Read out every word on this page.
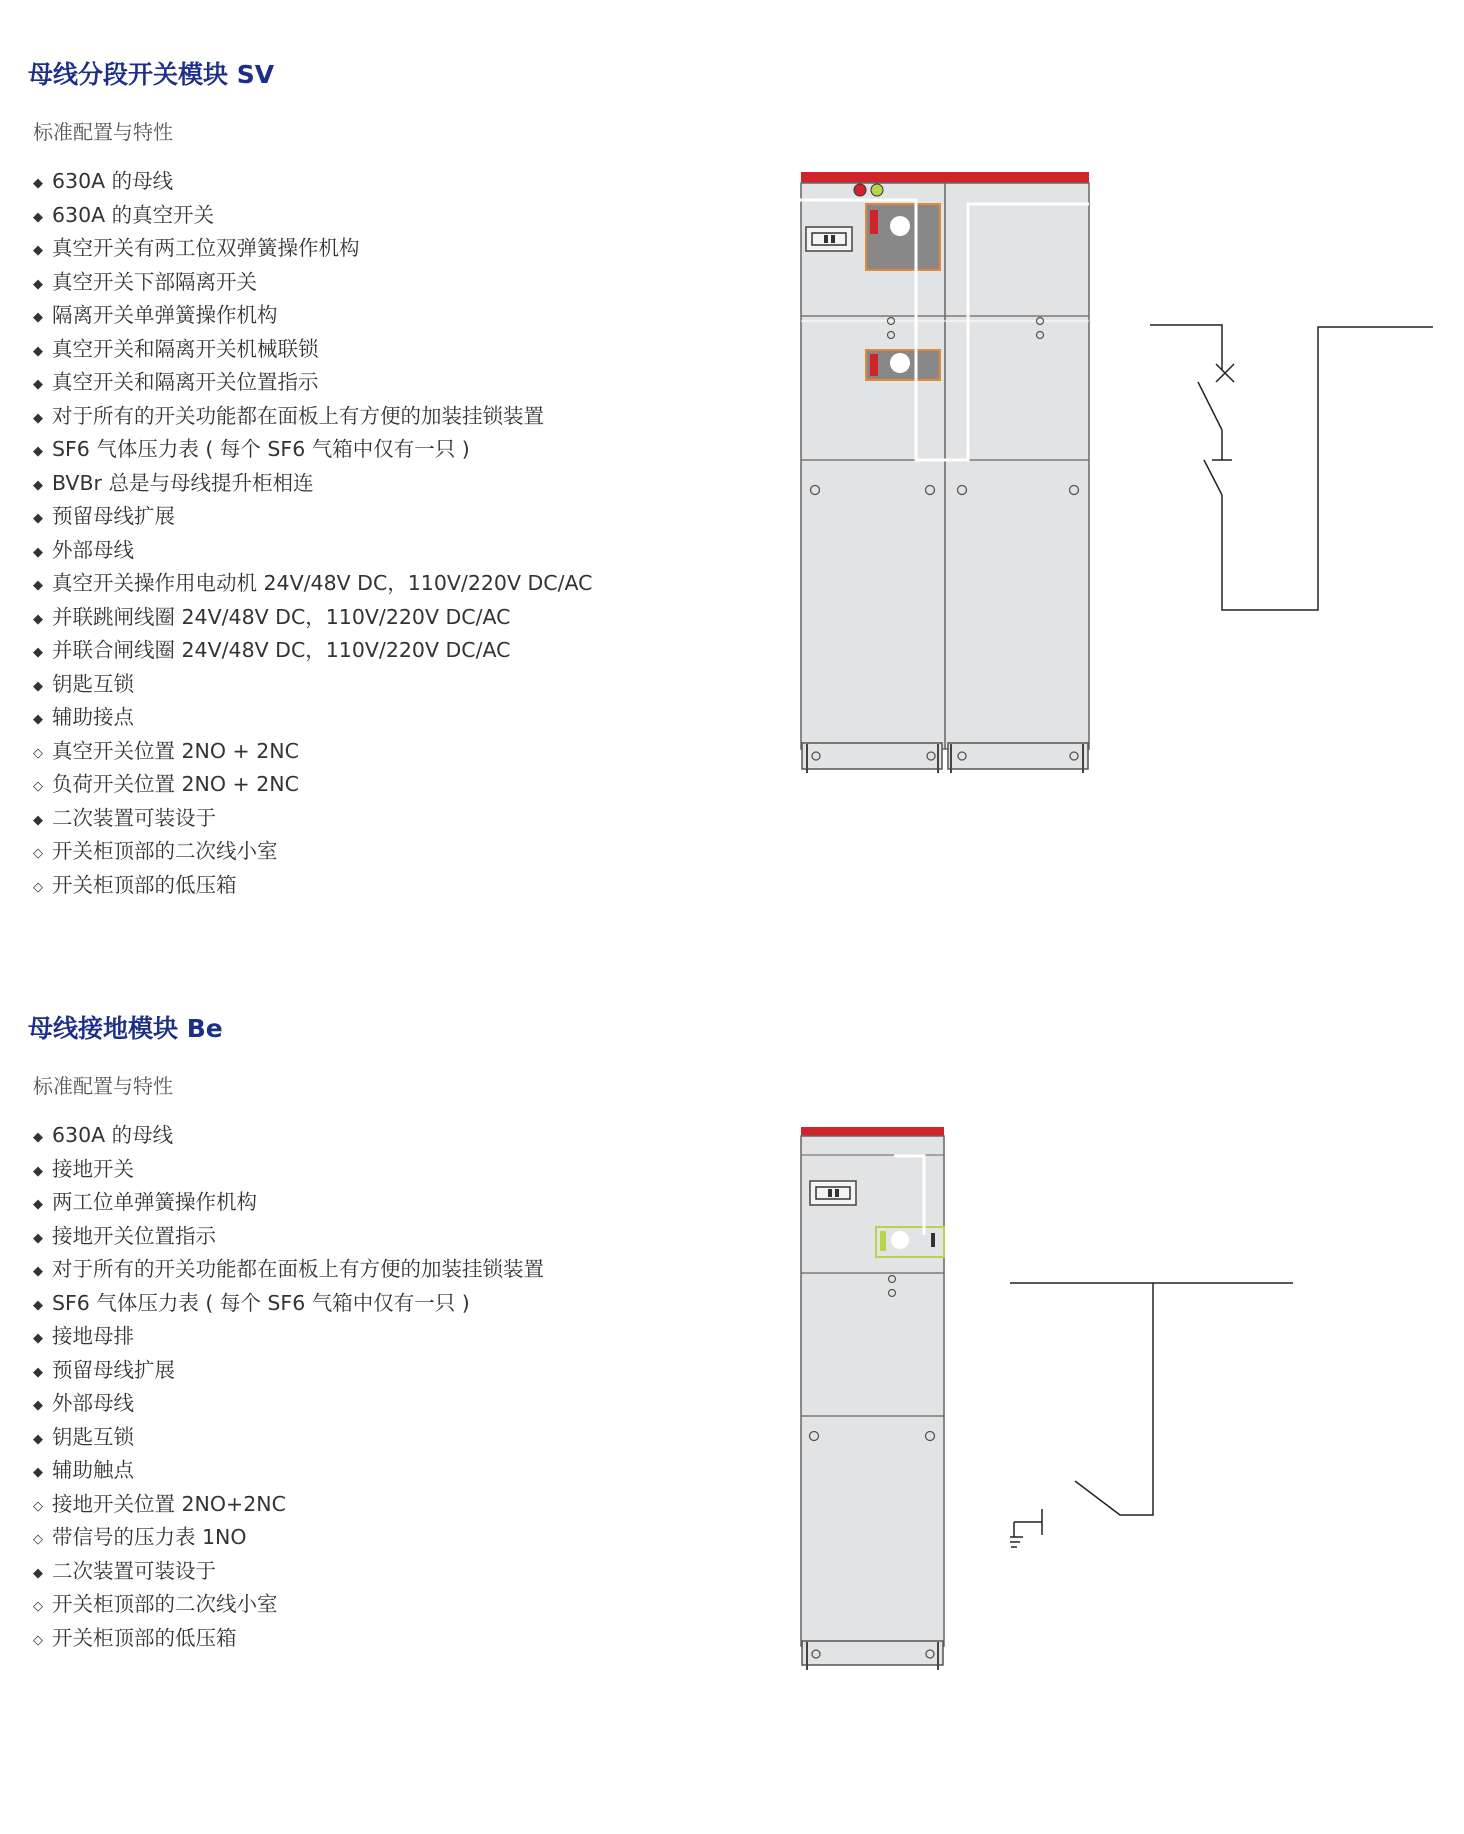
母线分段开关模块 SV
标准配置与特性
◆ 630A 的母线
◆ 630A 的真空开关
◆ 真空开关有两工位双弹簧操作机构
◆ 真空开关下部隔离开关
◆ 隔离开关单弹簧操作机构
◆ 真空开关和隔离开关机械联锁
◆ 真空开关和隔离开关位置指示
◆ 对于所有的开关功能都在面板上有方便的加装挂锁装置
◆ SF6 气体压力表 ( 每个 SF6 气箱中仅有一只 )
◆ BVBr 总是与母线提升柜相连
◆ 预留母线扩展
◆ 外部母线
◆ 真空开关操作用电动机 24V/48V DC，110V/220V DC/AC
◆ 并联跳闸线圈 24V/48V DC，110V/220V DC/AC
◆ 并联合闸线圈 24V/48V DC，110V/220V DC/AC
◆ 钥匙互锁
◆ 辅助接点
◇ 真空开关位置 2NO + 2NC
◇ 负荷开关位置 2NO + 2NC
◆ 二次装置可装设于
◇ 开关柜顶部的二次线小室
◇ 开关柜顶部的低压箱
母线接地模块 Be
标准配置与特性
◆ 630A 的母线
◆ 接地开关
◆ 两工位单弹簧操作机构
◆ 接地开关位置指示
◆ 对于所有的开关功能都在面板上有方便的加装挂锁装置
◆ SF6 气体压力表 ( 每个 SF6 气箱中仅有一只 )
◆ 接地母排
◆ 预留母线扩展
◆ 外部母线
◆ 钥匙互锁
◆ 辅助触点
◇ 接地开关位置 2NO+2NC
◇ 带信号的压力表 1NO
◆ 二次装置可装设于
◇ 开关柜顶部的二次线小室
◇ 开关柜顶部的低压箱
